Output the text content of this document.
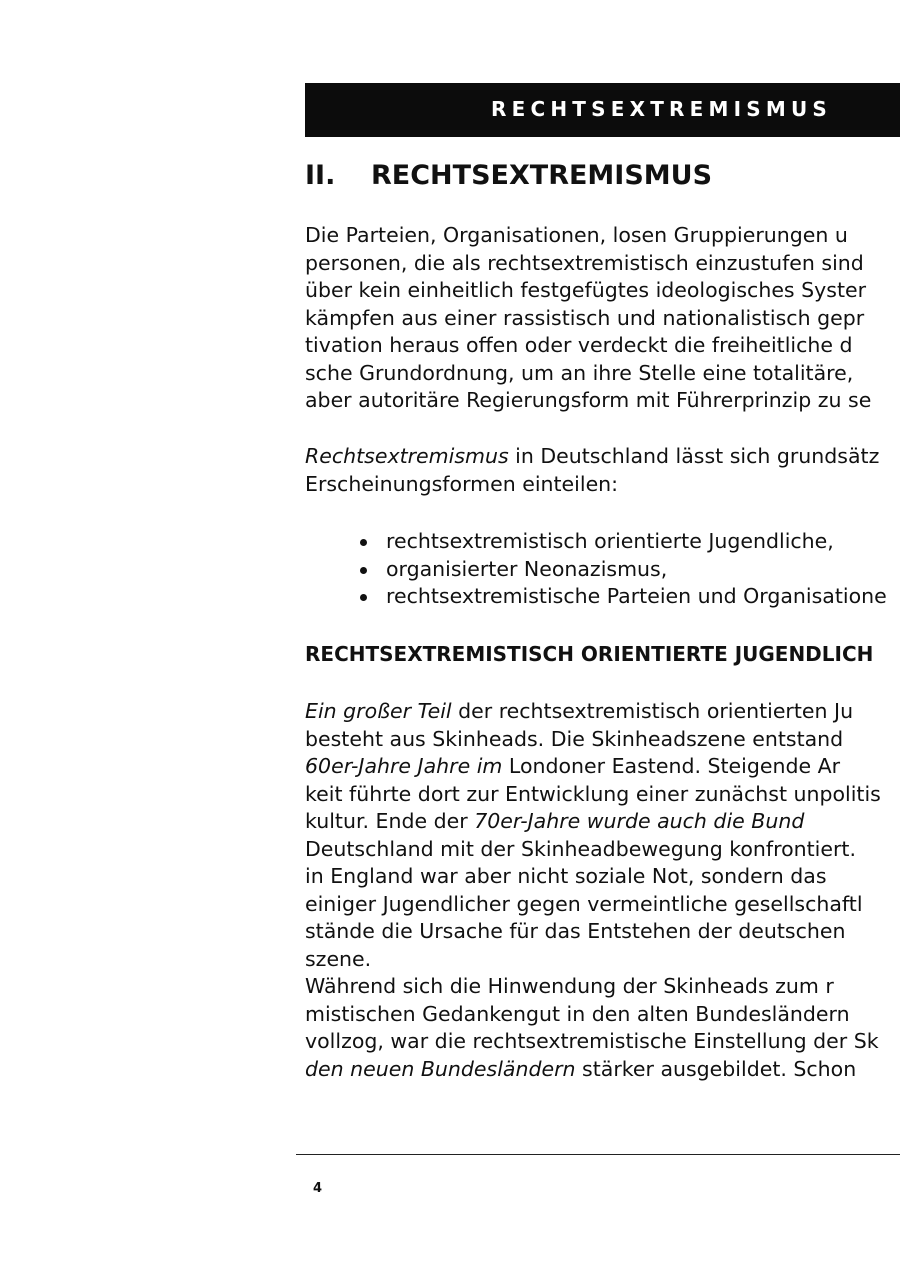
RECHTSEXTREMISMUS
II. RECHTSEXTREMISMUS

Die Parteien, Organisationen, losen Gruppierungen u
personen, die als rechtsextremistisch einzustufen sind
über kein einheitlich festgefügtes ideologisches Syster
kämpfen aus einer rassistisch und nationalistisch gepr
tivation heraus offen oder verdeckt die freiheitliche d
sche Grundordnung, um an ihre Stelle eine totalitäre,
aber autoritäre Regierungsform mit Führerprinzip zu se

Rechtsextremismus in Deutschland lässt sich grundsätz
Erscheinungsformen einteilen:

rechtsextremistisch orientierte Jugendliche,
organisierter Neonazismus,
rechtsextremistische Parteien und Organisatione
RECHTSEXTREMISTISCH ORIENTIERTE JUGENDLICH

Ein großer Teil der rechtsextremistisch orientierten Ju
besteht aus Skinheads. Die Skinheadszene entstand
60er-Jahre Jahre im Londoner Eastend. Steigende Ar
keit führte dort zur Entwicklung einer zunächst unpolitis
kultur. Ende der 70er-Jahre wurde auch die Bund
Deutschland mit der Skinheadbewegung konfrontiert.
in England war aber nicht soziale Not, sondern das
einiger Jugendlicher gegen vermeintliche gesellschaftl
stände die Ursache für das Entstehen der deutschen
szene.
Während sich die Hinwendung der Skinheads zum r
mistischen Gedankengut in den alten Bundesländern
vollzog, war die rechtsextremistische Einstellung der Sk
den neuen Bundesländern stärker ausgebildet. Schon

4
